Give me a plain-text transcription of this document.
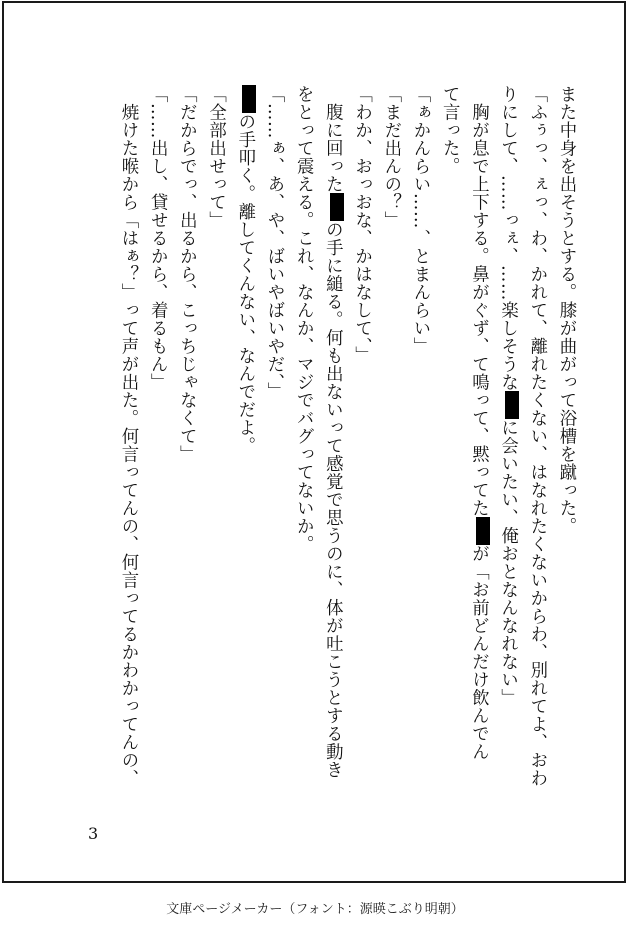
また中身を出そうとする。膝が曲がって浴槽を蹴った。
「ふぅっ、ぇっ、わ、かれて、離れたくない、はなれたくないからわ、別れてよ、おわ
りにして、……っぇ、……楽しそうなに会いたい、俺おとなんなれない」
　胸が息で上下する。鼻がぐず、て鳴って、黙ってたが「お前どんだけ飲んでん
て言った。
「ぁかんらい……、とまんらい」
「まだ出んの？」
「わか、おっおな、かはなして、」
　腹に回ったの手に縋る。何も出ないって感覚で思うのに、体が吐こうとする動き
をとって震える。これ、なんか、マジでバグってないか。
「……ぁ、あ、や、ばいやばいやだ、」
の手叩く。離してくんない、なんでだよ。
「全部出せって」
「だからでっ、出るから、こっちじゃなくて」
「……出し、貸せるから、着るもん」
　焼けた喉から「はぁ？」って声が出た。何言ってんの、何言ってるかわかってんの、
3
文庫ページメーカー（フォント：源暎こぶり明朝）
